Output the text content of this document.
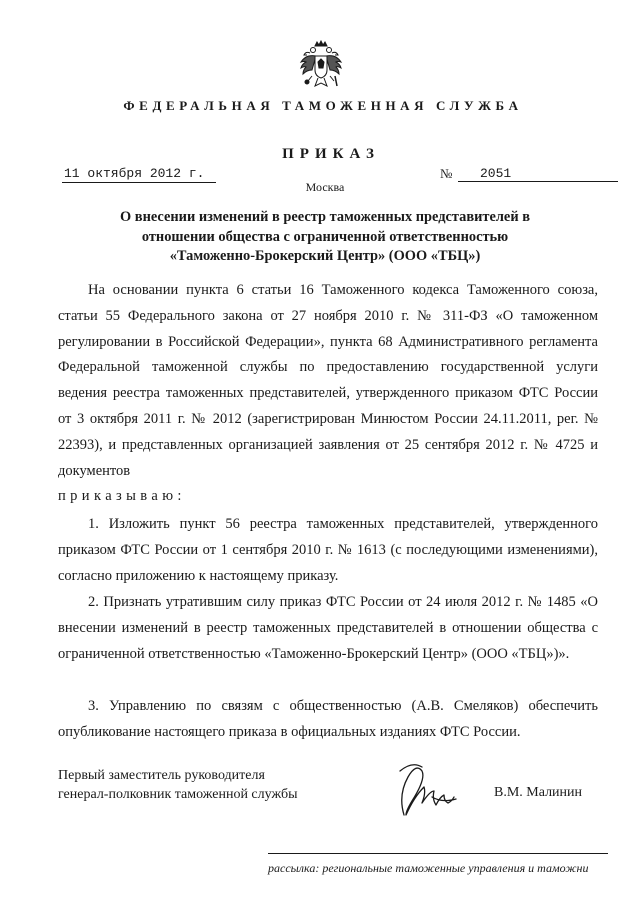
ФЕДЕРАЛЬНАЯ ТАМОЖЕННАЯ СЛУЖБА
ПРИКАЗ
11 октября 2012 г.	№	2051
Москва
О внесении изменений в реестр таможенных представителей в
отношении общества с ограниченной ответственностью
«Таможенно-Брокерский Центр» (ООО «ТБЦ»)

На основании пункта 6 статьи 16 Таможенного кодекса Таможенного союза, статьи 55 Федерального закона от 27 ноября 2010 г. № 311-ФЗ «О таможенном регулировании в Российской Федерации», пункта 68 Административного регламента Федеральной таможенной службы по предоставлению государственной услуги ведения реестра таможенных представителей, утвержденного приказом ФТС России от 3 октября 2011 г. № 2012 (зарегистрирован Минюстом России 24.11.2011, рег. № 22393), и представленных организацией заявления от 25 сентября 2012 г. № 4725 и документов

приказываю:

1. Изложить пункт 56 реестра таможенных представителей, утвержденного приказом ФТС России от 1 сентября 2010 г. № 1613 (с последующими изменениями), согласно приложению к настоящему приказу.

2. Признать утратившим силу приказ ФТС России от 24 июля 2012 г. № 1485 «О внесении изменений в реестр таможенных представителей в отношении общества с ограниченной ответственностью «Таможенно-Брокерский Центр» (ООО «ТБЦ»)».

3. Управлению по связям с общественностью (А.В. Смеляков) обеспечить опубликование настоящего приказа в официальных изданиях ФТС России.

Первый заместитель руководителя
генерал-полковник таможенной службы	В.М. Малинин
рассылка: региональные таможенные управления и таможни
